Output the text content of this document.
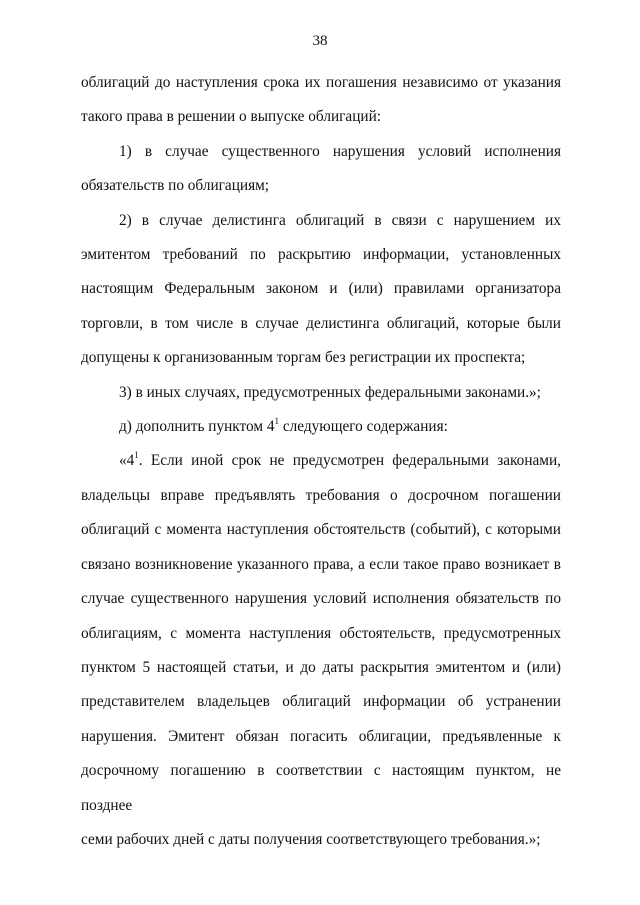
38
облигаций до наступления срока их погашения независимо от указания
такого права в решении о выпуске облигаций:
1) в случае существенного нарушения условий исполнения
обязательств по облигациям;
2) в случае делистинга облигаций в связи с нарушением их
эмитентом требований по раскрытию информации, установленных
настоящим Федеральным законом и (или) правилами организатора
торговли, в том числе в случае делистинга облигаций, которые были
допущены к организованным торгам без регистрации их проспекта;
3) в иных случаях, предусмотренных федеральными законами.»;
д) дополнить пунктом $4^1$ следующего содержания:
«$4^1$. Если иной срок не предусмотрен федеральными законами,
владельцы вправе предъявлять требования о досрочном погашении
облигаций с момента наступления обстоятельств (событий), с которыми
связано возникновение указанного права, а если такое право возникает в
случае существенного нарушения условий исполнения обязательств по
облигациям, с момента наступления обстоятельств, предусмотренных
пунктом 5 настоящей статьи, и до даты раскрытия эмитентом и (или)
представителем владельцев облигаций информации об устранении
нарушения. Эмитент обязан погасить облигации, предъявленные к
досрочному погашению в соответствии с настоящим пунктом, не позднее
семи рабочих дней с даты получения соответствующего требования.»;
